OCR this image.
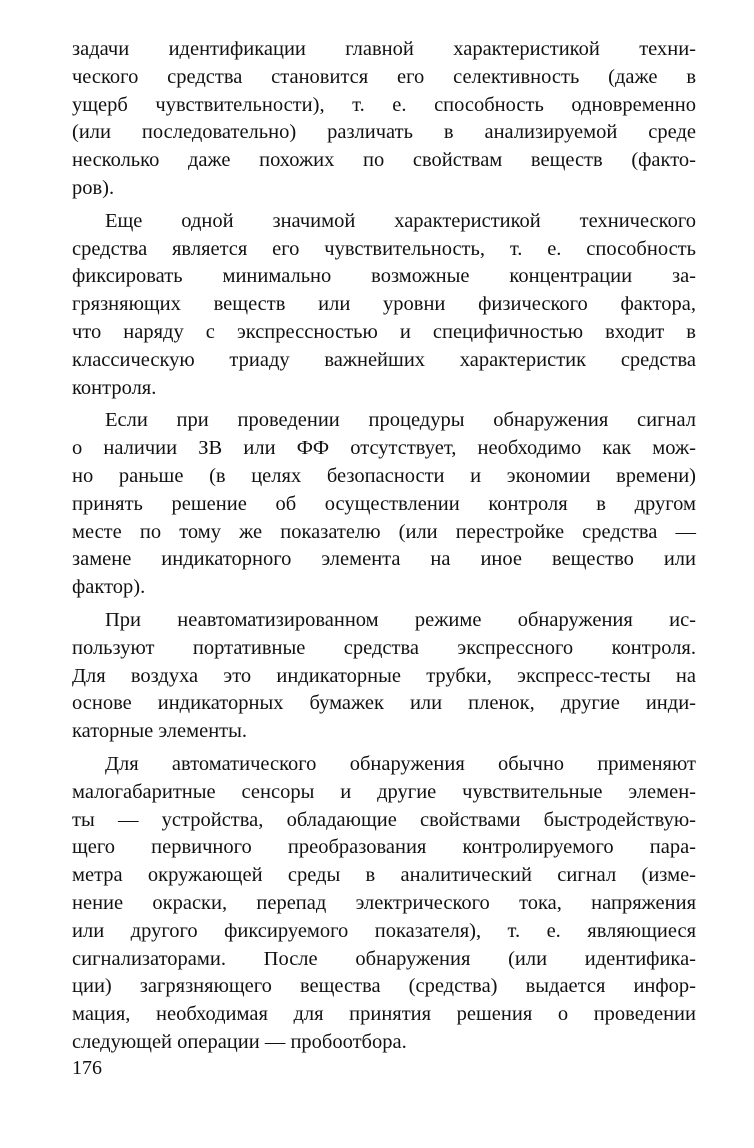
задачи идентификации главной характеристикой техни-
ческого средства становится его селективность (даже в
ущерб чувствительности), т. е. способность одновременно
(или последовательно) различать в анализируемой среде
несколько даже похожих по свойствам веществ (факто-
ров).
Еще одной значимой характеристикой технического
средства является его чувствительность, т. е. способность
фиксировать минимально возможные концентрации за-
грязняющих веществ или уровни физического фактора,
что наряду с экспрессностью и специфичностью входит в
классическую триаду важнейших характеристик средства
контроля.
Если при проведении процедуры обнаружения сигнал
о наличии ЗВ или ФФ отсутствует, необходимо как мож-
но раньше (в целях безопасности и экономии времени)
принять решение об осуществлении контроля в другом
месте по тому же показателю (или перестройке средства —
замене индикаторного элемента на иное вещество или
фактор).
При неавтоматизированном режиме обнаружения ис-
пользуют портативные средства экспрессного контроля.
Для воздуха это индикаторные трубки, экспресс-тесты на
основе индикаторных бумажек или пленок, другие инди-
каторные элементы.
Для автоматического обнаружения обычно применяют
малогабаритные сенсоры и другие чувствительные элемен-
ты — устройства, обладающие свойствами быстродействую-
щего первичного преобразования контролируемого пара-
метра окружающей среды в аналитический сигнал (изме-
нение окраски, перепад электрического тока, напряжения
или другого фиксируемого показателя), т. е. являющиеся
сигнализаторами. После обнаружения (или идентифика-
ции) загрязняющего вещества (средства) выдается инфор-
мация, необходимая для принятия решения о проведении
следующей операции — пробоотбора.
176
